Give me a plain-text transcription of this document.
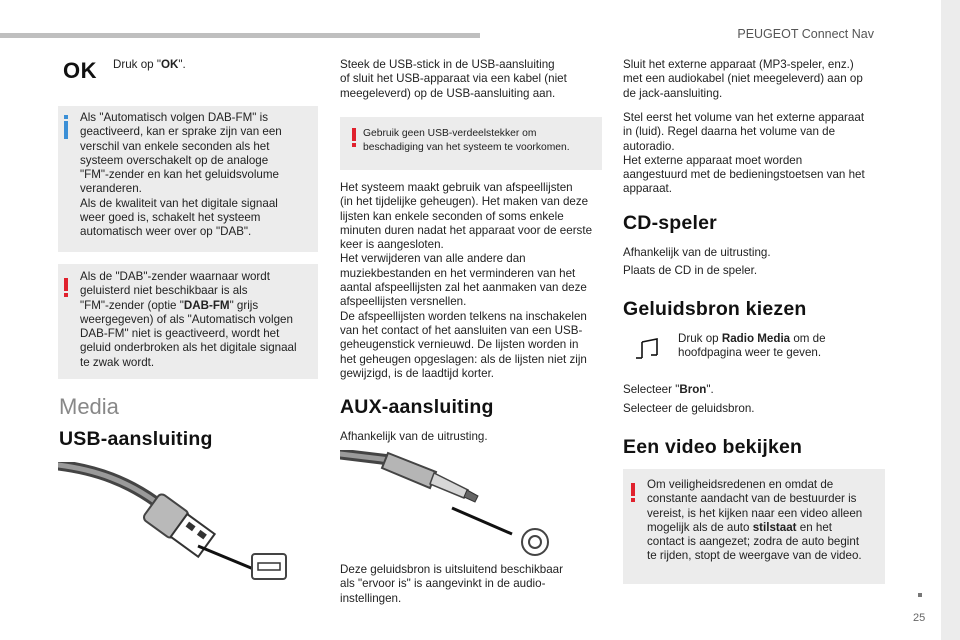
PEUGEOT Connect Nav
25
OK Druk op "OK".
Als "Automatisch volgen DAB-FM" is
geactiveerd, kan er sprake zijn van een
verschil van enkele seconden als het
systeem overschakelt op de analoge
"FM"-zender en kan het geluidsvolume
veranderen.
Als de kwaliteit van het digitale signaal
weer goed is, schakelt het systeem
automatisch weer over op "DAB".
Als de "DAB"-zender waarnaar wordt
geluisterd niet beschikbaar is als
"FM"-zender (optie "DAB-FM" grijs
weergegeven) of als "Automatisch volgen
DAB-FM" niet is geactiveerd, wordt het
geluid onderbroken als het digitale signaal
te zwak wordt.
Media
USB-aansluiting
Steek de USB-stick in de USB-aansluiting
of sluit het USB-apparaat via een kabel (niet
meegeleverd) op de USB-aansluiting aan.
Gebruik geen USB-verdeelstekker om
beschadiging van het systeem te voorkomen.
Het systeem maakt gebruik van afspeellijsten
(in het tijdelijke geheugen). Het maken van deze
lijsten kan enkele seconden of soms enkele
minuten duren nadat het apparaat voor de eerste
keer is aangesloten.
Het verwijderen van alle andere dan
muziekbestanden en het verminderen van het
aantal afspeellijsten zal het aanmaken van deze
afspeellijsten versnellen.
De afspeellijsten worden telkens na inschakelen
van het contact of het aansluiten van een USB-
geheugenstick vernieuwd. De lijsten worden in
het geheugen opgeslagen: als de lijsten niet zijn
gewijzigd, is de laadtijd korter.
AUX-aansluiting
Afhankelijk van de uitrusting.
Deze geluidsbron is uitsluitend beschikbaar
als "ervoor is" is aangevinkt in de audio-
instellingen.
Sluit het externe apparaat (MP3-speler, enz.)
met een audiokabel (niet meegeleverd) aan op
de jack-aansluiting.
Stel eerst het volume van het externe apparaat
in (luid). Regel daarna het volume van de
autoradio.
Het externe apparaat moet worden
aangestuurd met de bedieningstoetsen van het
apparaat.
CD-speler
Afhankelijk van de uitrusting.
Plaats de CD in de speler.
Geluidsbron kiezen
Druk op Radio Media om de
hoofdpagina weer te geven.
Selecteer "Bron".
Selecteer de geluidsbron.
Een video bekijken
Om veiligheidsredenen en omdat de
constante aandacht van de bestuurder is
vereist, is het kijken naar een video alleen
mogelijk als de auto stilstaat en het
contact is aangezet; zodra de auto begint
te rijden, stopt de weergave van de video.
